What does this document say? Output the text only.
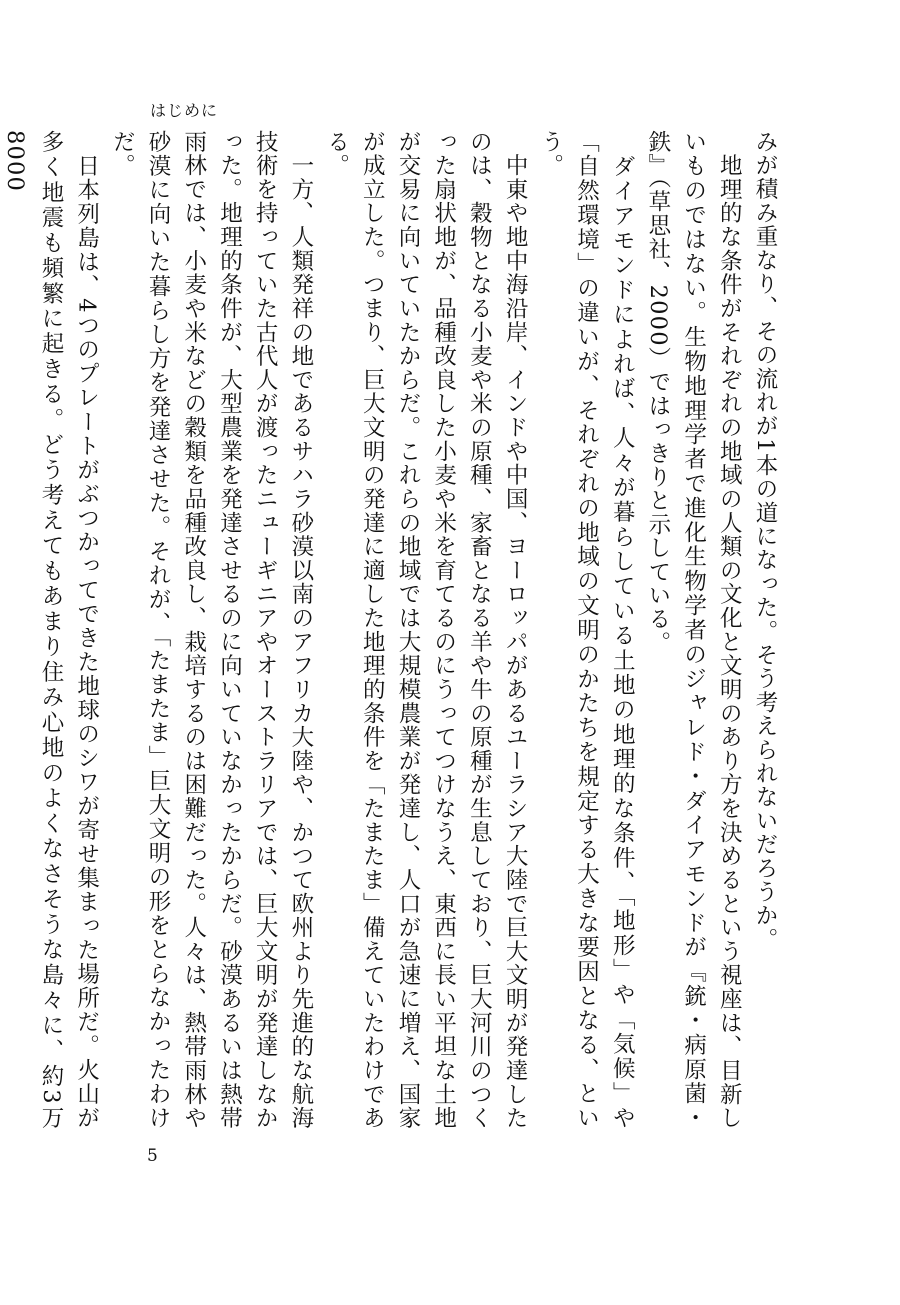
はじめに

みが積み重なり、その流れが1本の道になった。そう考えられないだろうか。

　地理的な条件がそれぞれの地域の人類の文化と文明のあり方を決めるという視座は、目新しいものではない。生物地理学者で進化生物学者のジャレド・ダイアモンドが『銃・病原菌・鉄』（草思社、2000）ではっきりと示している。

　ダイアモンドによれば、人々が暮らしている土地の地理的な条件、「地形」や「気候」や「自然環境」の違いが、それぞれの地域の文明のかたちを規定する大きな要因となる、という。

　中東や地中海沿岸、インドや中国、ヨーロッパがあるユーラシア大陸で巨大文明が発達したのは、穀物となる小麦や米の原種、家畜となる羊や牛の原種が生息しており、巨大河川のつくった扇状地が、品種改良した小麦や米を育てるのにうってつけなうえ、東西に長い平坦な土地が交易に向いていたからだ。これらの地域では大規模農業が発達し、人口が急速に増え、国家が成立した。つまり、巨大文明の発達に適した地理的条件を「たまたま」備えていたわけである。

　一方、人類発祥の地であるサハラ砂漠以南のアフリカ大陸や、かつて欧州より先進的な航海技術を持っていた古代人が渡ったニューギニアやオーストラリアでは、巨大文明が発達しなかった。地理的条件が、大型農業を発達させるのに向いていなかったからだ。砂漠あるいは熱帯雨林では、小麦や米などの穀類を品種改良し、栽培するのは困難だった。人々は、熱帯雨林や砂漠に向いた暮らし方を発達させた。それが、「たまたま」巨大文明の形をとらなかったわけだ。

　日本列島は、4つのプレートがぶつかってできた地球のシワが寄せ集まった場所だ。火山が多く地震も頻繁に起きる。どう考えてもあまり住み心地のよくなさそうな島々に、約3万8000

5
